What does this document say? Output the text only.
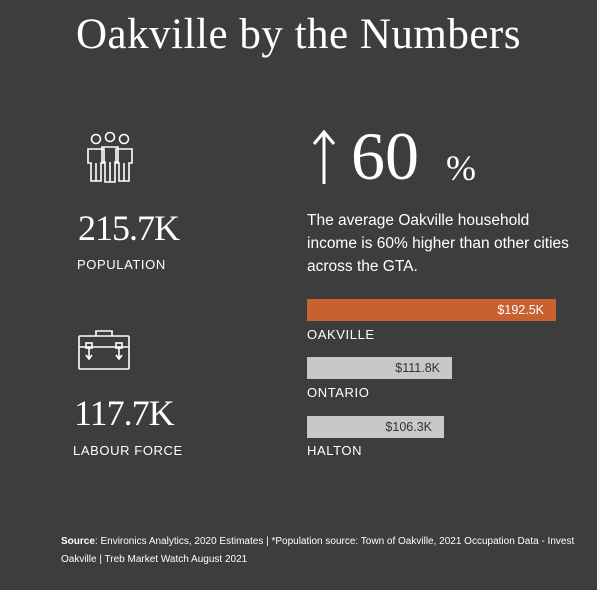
Oakville by the Numbers
215.7K
POPULATION
117.7K
LABOUR FORCE
60 %
The average Oakville household income is 60% higher than other cities across the GTA.
$192.5K
OAKVILLE
$111.8K
ONTARIO
$106.3K
HALTON
Source: Environics Analytics, 2020 Estimates | *Population source: Town of Oakville, 2021 Occupation Data - Invest Oakville | Treb Market Watch August 2021
